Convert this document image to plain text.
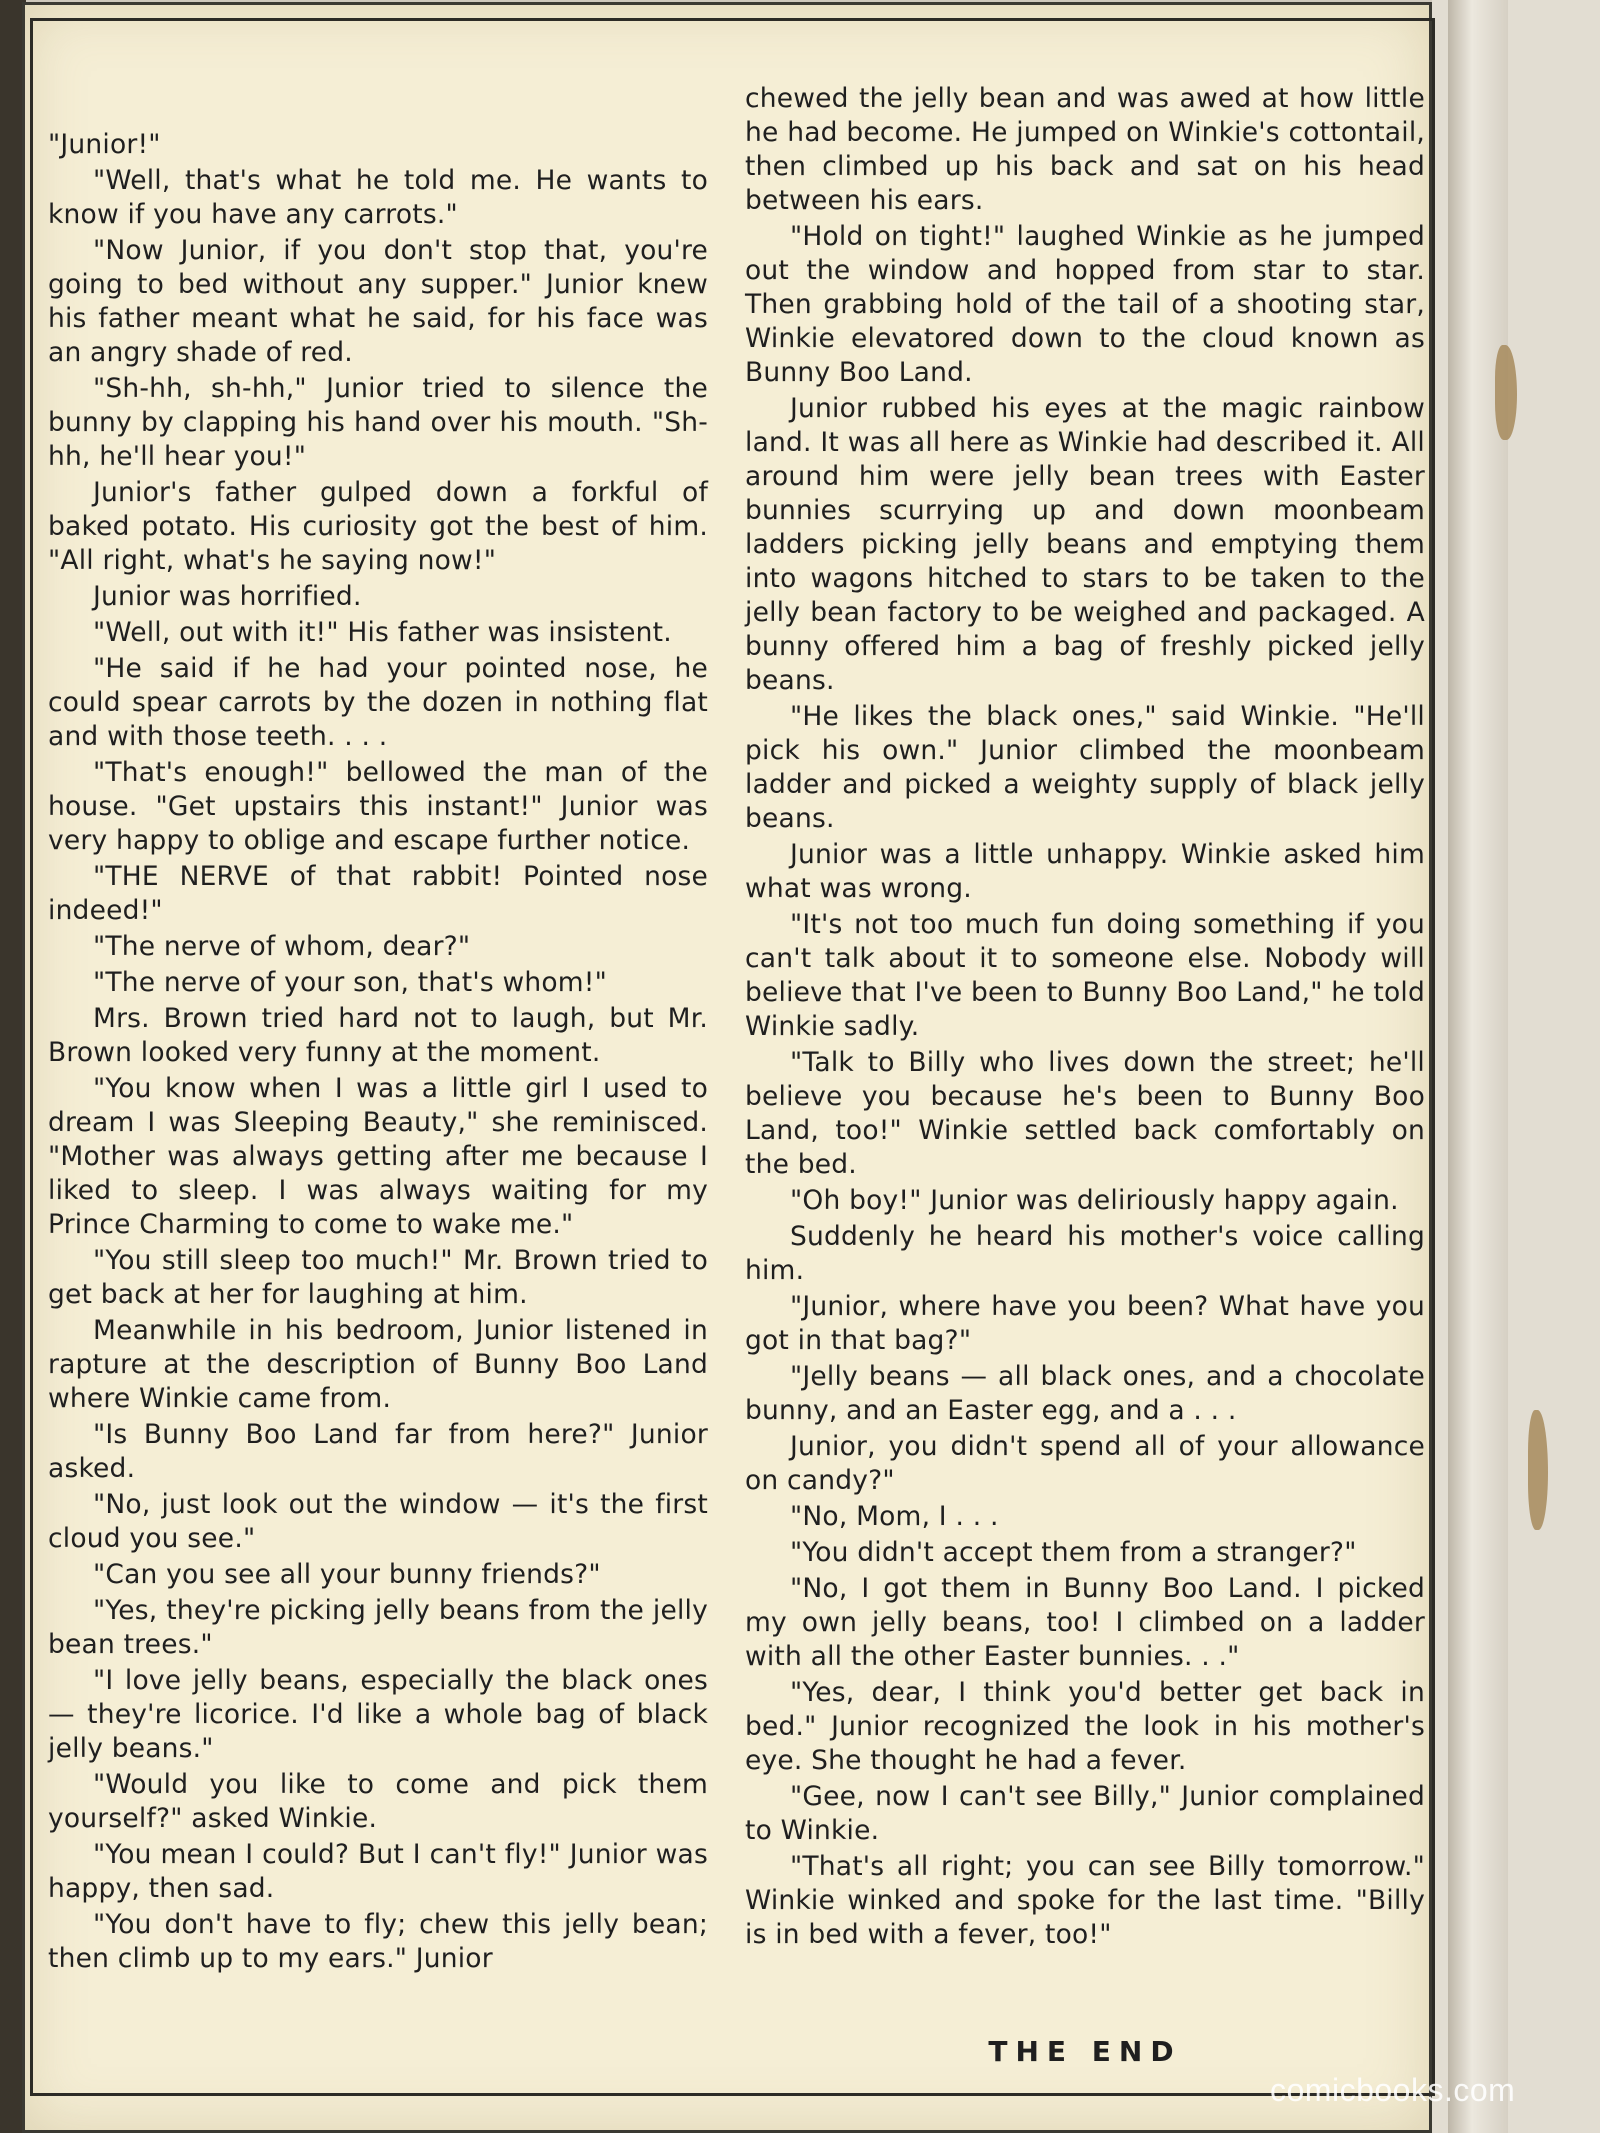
"Junior!"

"Well, that's what he told me. He wants to know if you have any carrots."

"Now Junior, if you don't stop that, you're going to bed without any supper." Junior knew his father meant what he said, for his face was an angry shade of red.

"Sh-hh, sh-hh," Junior tried to silence the bunny by clapping his hand over his mouth. "Sh-hh, he'll hear you!"

Junior's father gulped down a forkful of baked potato. His curiosity got the best of him. "All right, what's he saying now!"

Junior was horrified.

"Well, out with it!" His father was insistent.

"He said if he had your pointed nose, he could spear carrots by the dozen in nothing flat and with those teeth. . . .

"That's enough!" bellowed the man of the house. "Get upstairs this instant!" Junior was very happy to oblige and escape further notice.

"THE NERVE of that rabbit! Pointed nose indeed!"

"The nerve of whom, dear?"

"The nerve of your son, that's whom!"

Mrs. Brown tried hard not to laugh, but Mr. Brown looked very funny at the moment.

"You know when I was a little girl I used to dream I was Sleeping Beauty," she reminisced. "Mother was always getting after me because I liked to sleep. I was always waiting for my Prince Charming to come to wake me."

"You still sleep too much!" Mr. Brown tried to get back at her for laughing at him.

Meanwhile in his bedroom, Junior listened in rapture at the description of Bunny Boo Land where Winkie came from.

"Is Bunny Boo Land far from here?" Junior asked.

"No, just look out the window — it's the first cloud you see."

"Can you see all your bunny friends?"

"Yes, they're picking jelly beans from the jelly bean trees."

"I love jelly beans, especially the black ones — they're licorice. I'd like a whole bag of black jelly beans."

"Would you like to come and pick them yourself?" asked Winkie.

"You mean I could? But I can't fly!" Junior was happy, then sad.

"You don't have to fly; chew this jelly bean; then climb up to my ears." Junior

chewed the jelly bean and was awed at how little he had become. He jumped on Winkie's cottontail, then climbed up his back and sat on his head between his ears.

"Hold on tight!" laughed Winkie as he jumped out the window and hopped from star to star. Then grabbing hold of the tail of a shooting star, Winkie elevatored down to the cloud known as Bunny Boo Land.

Junior rubbed his eyes at the magic rainbow land. It was all here as Winkie had described it. All around him were jelly bean trees with Easter bunnies scurrying up and down moonbeam ladders picking jelly beans and emptying them into wagons hitched to stars to be taken to the jelly bean factory to be weighed and packaged. A bunny offered him a bag of freshly picked jelly beans.

"He likes the black ones," said Winkie. "He'll pick his own." Junior climbed the moonbeam ladder and picked a weighty supply of black jelly beans.

Junior was a little unhappy. Winkie asked him what was wrong.

"It's not too much fun doing something if you can't talk about it to someone else. Nobody will believe that I've been to Bunny Boo Land," he told Winkie sadly.

"Talk to Billy who lives down the street; he'll believe you because he's been to Bunny Boo Land, too!" Winkie settled back comfortably on the bed.

"Oh boy!" Junior was deliriously happy again.

Suddenly he heard his mother's voice calling him.

"Junior, where have you been? What have you got in that bag?"

"Jelly beans — all black ones, and a chocolate bunny, and an Easter egg, and a . . .

Junior, you didn't spend all of your allowance on candy?"

"No, Mom, I . . .

"You didn't accept them from a stranger?"

"No, I got them in Bunny Boo Land. I picked my own jelly beans, too! I climbed on a ladder with all the other Easter bunnies. . ."

"Yes, dear, I think you'd better get back in bed." Junior recognized the look in his mother's eye. She thought he had a fever.

"Gee, now I can't see Billy," Junior complained to Winkie.

"That's all right; you can see Billy tomorrow." Winkie winked and spoke for the last time. "Billy is in bed with a fever, too!"

THE END
comicbooks.com
